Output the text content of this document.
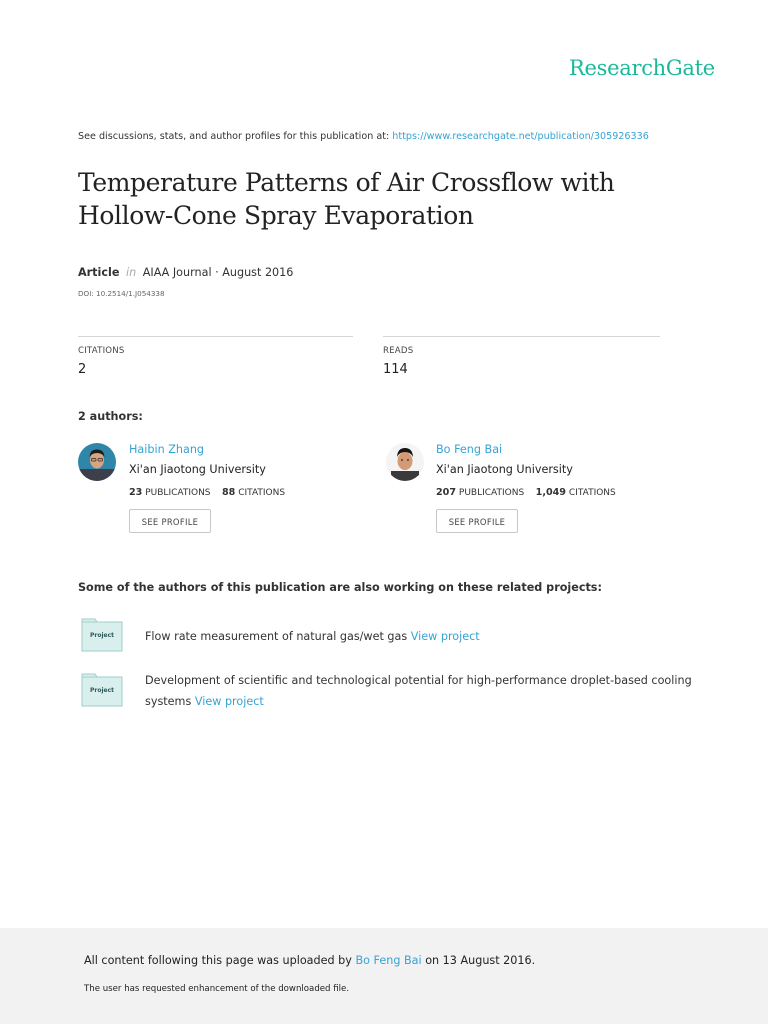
ResearchGate
See discussions, stats, and author profiles for this publication at: https://www.researchgate.net/publication/305926336
Temperature Patterns of Air Crossflow with
Hollow-Cone Spray Evaporation
Article in AIAA Journal · August 2016
DOI: 10.2514/1.J054338
CITATIONS
2
READS
114
2 authors:
Haibin Zhang
Xi'an Jiaotong University
23 PUBLICATIONS 88 CITATIONS
SEE PROFILE
Bo Feng Bai
Xi'an Jiaotong University
207 PUBLICATIONS 1,049 CITATIONS
SEE PROFILE
Some of the authors of this publication are also working on these related projects:
Project	Flow rate measurement of natural gas/wet gas View project
Project
Development of scientific and technological potential for high-performance droplet-based cooling systems View project
All content following this page was uploaded by Bo Feng Bai on 13 August 2016.
The user has requested enhancement of the downloaded file.
